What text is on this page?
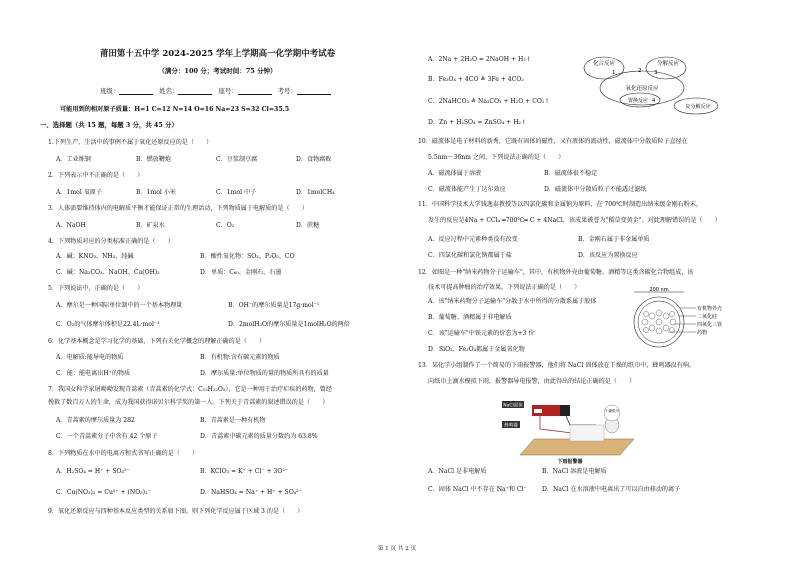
莆田第十五中学 2024-2025 学年上学期高一化学期中考试卷
（满分：100 分；考试时间：75 分钟）
班级：	姓名：	座号：	考号：
可能用到的相对原子质量：H=1 C=12 N=14 O=16 Na=23 S=32 Cl=35.5
一、选择题（共 15 题，每题 3 分，共 45 分）
1.下列生产、生活中的事例不属于氧化还原反应的是（　　）
A．工业炼钢	B．燃放鞭炮	C．豆浆制豆腐	D．食物腐败
2．下列表示中不正确的是（　　）
A．1mol 氧原子	B．1mol 小米	C．1mol 中子	D．1molCH₄
3．人体需要维持体内的电解质平衡才能保证正常的生理活动，下列物质属于电解质的是（　　）
A．NaOH	B．矿泉水	C．O₂	D．蔗糖
4．下列物质对应的分类标准正确的是（　　）
A．碱：KNO₃、NH₃、纯碱	B．酸性氧化物：SO₂、P₂O₅、CO
C．碱：Na₂CO₃、NaOH、Ca(OH)₂	D．单质：C₆₀、金刚石、石墨
5．下列说法中，正确的是（　　）
A．摩尔是一种国际单位制中的一个基本物理量	B．OH⁻的摩尔质量是17g·mol⁻¹
C．O₂的气体摩尔体积是22.4L·mol⁻¹	D．2molH₂O的摩尔质量是1molH₂O的两倍
6．化学基本概念是学习化学的基础，下列有关化学概念的理解正确的是（　　）
A．电解质:能导电的物质	B．有机物:含有碳元素的物质
C．能：能电离出H⁺的物质	D．摩尔质量:单位物质的量的物质所具有的质量
7．我国女科学家屠呦呦发现青蒿素（青蒿素的化学式：C₁₅H₂₂O₅），它是一种用于治疗疟疾的药物，曾经
挽救了数百万人的生命，成为我国获得诺贝尔科学奖的第一人。下列关于青蒿素的叙述错误的是（　　）
A．青蒿素的摩尔质量为 282	B．青蒿素是一种有机物
C．一个青蒿素分子中含有 42 个原子	D．青蒿素中碳元素的质量分数约为 63.8%
8．下列物质在水中的电离方程式书写正确的是（　　）
A．H₂SO₄ = H⁺ + SO₄²⁻	B．KClO₃ = K⁺ + Cl⁻ + 3O²⁻
C．Cu(NO₃)₂ = Cu²⁺ + (NO₃)₂⁻	D．NaHSO₄ = Na⁺ + H⁺ + SO₄²⁻
9．氧化还原反应与四种基本反应类型的关系如下图，则下列化学反应属于区域 3 的是（　　）
A．2Na + 2H₂O = 2NaOH + H₂↑
B．Fe₃O₄ + 4CO ≜ 3Fe + 4CO₂
C．2NaHCO₃ ≜ Na₂CO₃ + H₂O + CO₂↑
D．Zn + H₂SO₄ = ZnSO₄ + H₂↑
化合反应	分解反应
氧化还原反应
置换反应
复分解反应
1	2 3
4
10．磁流体是电子材料的新秀，它既有固体的磁性，又有液体的流动性，磁流体中分散质粒子直径在
5.5nm～36nm 之间，下列说法正确的是（　　）
A．磁流体属于溶液	B．磁流体很不稳定
C．磁流体能产生丁达尔效应	D．磁流体中分散质粒子不能透过滤纸
11．中国科学技术大学钱逸泰教授等以四氯化碳和金属钠为原料，在 700℃时制造出纳米级金刚石粉末，
发生的反应是4Na + CCl₄ ═700℃═ C + 4NaCl，该成果被誉为"稻草变黄金"。对此理解错误的是（　　）
A．反应过程中元素种类没有改变	B．金刚石属于非金属单质
C．四氯化碳和氯化钠都属于盐	D．该反应为置换反应
12．如图是一种"纳米药物分子运输车"，其中，有机物外壳由葡萄糖、酒精等这类含碳化合物组成，该
技术可提高肿瘤的治疗效果。下列说法正确的是（　　）
A．该"纳米药物分子运输车"分散于水中所得的分散系属于胶体
B．葡萄糖、酒精属于非电解质
C．该"运输车"中铁元素的价态为+3 价
D．SiO₂、Fe₃O₄都属于金属氧化物
200 nm
有机物外壳
二氧化硅
四氧化三铁
药物
13．某化学小组制作了一个简易的下雨报警器，他们将 NaCl 固体放在干燥的纸巾中，蜂鸣器没有响，
向纸巾上滴水模拟下雨，报警器导电报警，由此得出的结论正确的是（　　）
NaCl固体
蜂鸣器
干燥纸巾
下雨报警器
A．NaCl 是非电解质	B．NaCl 溶液是电解质
C．固体 NaCl 中不存在 Na⁺和 Cl⁻	D．NaCl 在水溶液中电离出了可以自由移动的离子
第 1 页 共 2 页
